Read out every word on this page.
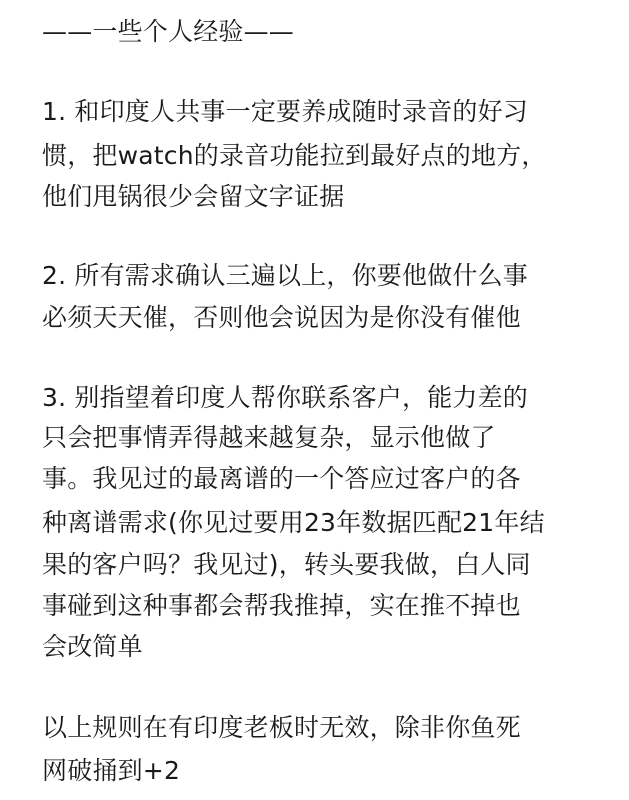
——一些个人经验——
1. 和印度人共事一定要养成随时录音的好习
惯，把watch的录音功能拉到最好点的地方，
他们甩锅很少会留文字证据
2. 所有需求确认三遍以上，你要他做什么事
必须天天催，否则他会说因为是你没有催他
3. 别指望着印度人帮你联系客户，能力差的
只会把事情弄得越来越复杂，显示他做了
事。我见过的最离谱的一个答应过客户的各
种离谱需求(你见过要用23年数据匹配21年结
果的客户吗？我见过)，转头要我做，白人同
事碰到这种事都会帮我推掉，实在推不掉也
会改简单
以上规则在有印度老板时无效，除非你鱼死
网破捅到+2
